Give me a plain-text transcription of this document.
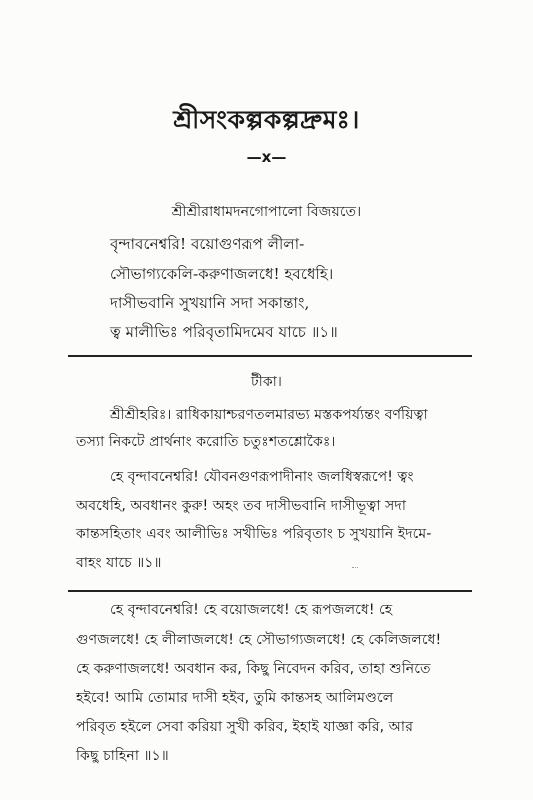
শ্রীসংকল্পকল্পদ্রুমঃ।
—x—
শ্রীশ্রীরাধামদনগোপালো বিজয়তে।
বৃন্দাবনেশ্বরি! বয়োগুণরূপ লীলা-
সৌভাগ্যকেলি-করুণাজলধে! হবধেহি।
দাসীভবানি সুখয়ানি সদা সকান্তাং,
ত্ব মালীভিঃ পরিবৃতামিদমেব যাচে ॥১॥
টীকা।
শ্রীশ্রীহরিঃ। রাধিকায়াশ্চরণতলমারভ্য মস্তকপর্য্যন্তং বর্ণয়িত্বা
তস্যা নিকটে প্রার্থনাং করোতি চতুঃশতশ্লোকৈঃ।
হে বৃন্দাবনেশ্বরি! যৌবনগুণরূপাদীনাং জলধিস্বরূপে! ত্বং
অবধেহি, অবধানং কুরু! অহং তব দাসীভবানি দাসীভূত্বা সদা
কান্তসহিতাং এবং আলীভিঃ সখীভিঃ পরিবৃতাং চ সুখয়ানি ইদমে-
বাহং যাচে ॥১॥
হে বৃন্দাবনেশ্বরি! হে বয়োজলধে! হে রূপজলধে! হে
গুণজলধে! হে লীলাজলধে! হে সৌভাগ্যজলধে! হে কেলিজলধে!
হে করুণাজলধে! অবধান কর, কিছু নিবেদন করিব, তাহা শুনিতে
হইবে! আমি তোমার দাসী হইব, তুমি কান্তসহ আলিমণ্ডলে
পরিবৃত হইলে সেবা করিয়া সুখী করিব, ইহাই যাজ্ঞা করি, আর
কিছু চাহিনা ॥১॥
